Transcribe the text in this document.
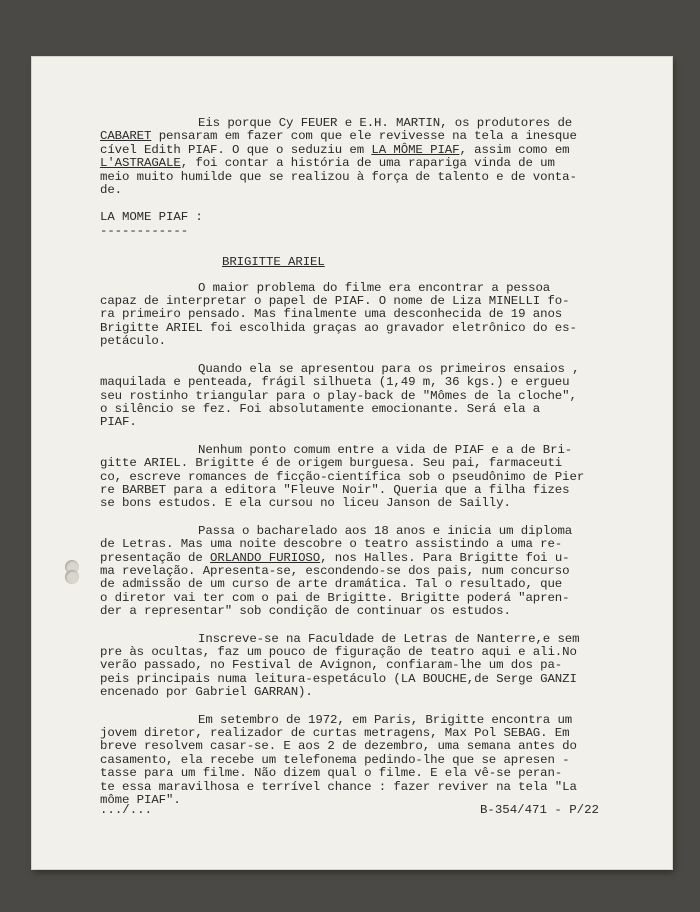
Eis porque Cy FEUER e E.H. MARTIN, os produtores de
CABARET pensaram em fazer com que ele revivesse na tela a inesque
cível Edith PIAF. O que o seduziu em LA MÔME PIAF, assim como em
L'ASTRAGALE, foi contar a história de uma rapariga vinda de um
meio muito humilde que se realizou à força de talento e de vonta-
de.
LA MOME PIAF :
------------
BRIGITTE ARIEL
O maior problema do filme era encontrar a pessoa
capaz de interpretar o papel de PIAF. O nome de Liza MINELLI fo-
ra primeiro pensado. Mas finalmente uma desconhecida de 19 anos
Brigitte ARIEL foi escolhida graças ao gravador eletrônico do es-
petáculo.
Quando ela se apresentou para os primeiros ensaios ,
maquilada e penteada, frágil silhueta (1,49 m, 36 kgs.) e ergueu
seu rostinho triangular para o play-back de "Mômes de la cloche",
o silêncio se fez. Foi absolutamente emocionante. Será ela a
PIAF.
Nenhum ponto comum entre a vida de PIAF e a de Bri-
gitte ARIEL. Brigitte é de origem burguesa. Seu pai, farmaceuti
co, escreve romances de ficção-científica sob o pseudônimo de Pier
re BARBET para a editora "Fleuve Noir". Queria que a filha fizes
se bons estudos. E ela cursou no liceu Janson de Sailly.
Passa o bacharelado aos 18 anos e inicia um diploma
de Letras. Mas uma noite descobre o teatro assistindo a uma re-
presentação de ORLANDO FURIOSO, nos Halles. Para Brigitte foi u-
ma revelação. Apresenta-se, escondendo-se dos pais, num concurso
de admissão de um curso de arte dramática. Tal o resultado, que
o diretor vai ter com o pai de Brigitte. Brigitte poderá "apren-
der a representar" sob condição de continuar os estudos.
Inscreve-se na Faculdade de Letras de Nanterre,e sem
pre às ocultas, faz um pouco de figuração de teatro aqui e ali.No
verão passado, no Festival de Avignon, confiaram-lhe um dos pa-
peis principais numa leitura-espetáculo (LA BOUCHE,de Serge GANZI
encenado por Gabriel GARRAN).
Em setembro de 1972, em Paris, Brigitte encontra um
jovem diretor, realizador de curtas metragens, Max Pol SEBAG. Em
breve resolvem casar-se. E aos 2 de dezembro, uma semana antes do
casamento, ela recebe um telefonema pedindo-lhe que se apresen -
tasse para um filme. Não dizem qual o filme. E ela vê-se peran-
te essa maravilhosa e terrível chance : fazer reviver na tela "La
môme PIAF".
.../...	B-354/471 - P/22
